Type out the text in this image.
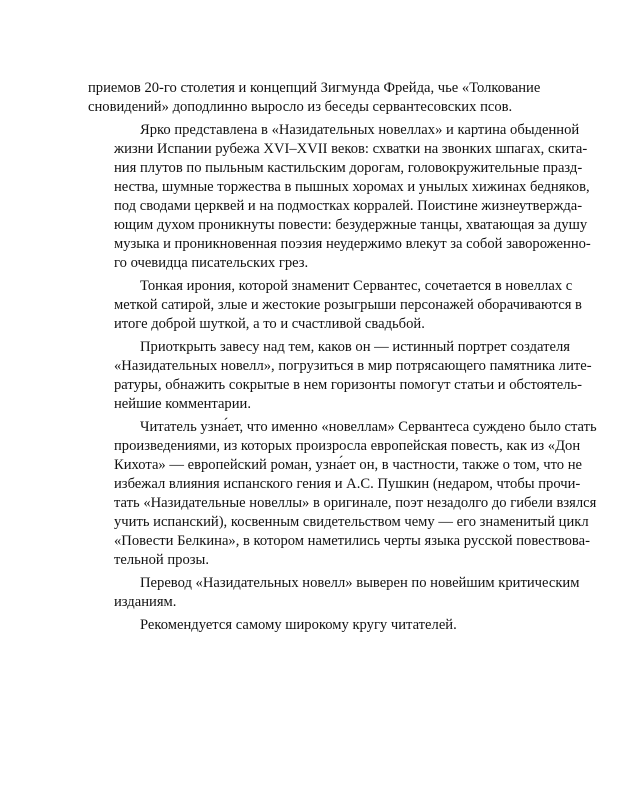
приемов 20-го столетия и концепций Зигмунда Фрейда, чье «Толкование
сновидений» доподлинно выросло из беседы сервантесовских псов.
Ярко представлена в «Назидательных новеллах» и картина обыденной
жизни Испании рубежа XVI–XVII веков: схватки на звонких шпагах, скита-
ния плутов по пыльным кастильским дорогам, головокружительные празд-
нества, шумные торжества в пышных хоромах и унылых хижинах бедняков,
под сводами церквей и на подмостках корралей. Поистине жизнеутвержда-
ющим духом проникнуты повести: безудержные танцы, хватающая за душу
музыка и проникновенная поэзия неудержимо влекут за собой завороженно-
го очевидца писательских грез.
Тонкая ирония, которой знаменит Сервантес, сочетается в новеллах с
меткой сатирой, злые и жестокие розыгрыши персонажей оборачиваются в
итоге доброй шуткой, а то и счастливой свадьбой.
Приоткрыть завесу над тем, каков он — истинный портрет создателя
«Назидательных новелл», погрузиться в мир потрясающего памятника лите-
ратуры, обнажить сокрытые в нем горизонты помогут статьи и обстоятель-
нейшие комментарии.
Читатель узна́ет, что именно «новеллам» Сервантеса суждено было стать
произведениями, из которых произросла европейская повесть, как из «Дон
Кихота» — европейский роман, узна́ет он, в частности, также о том, что не
избежал влияния испанского гения и А.С. Пушкин (недаром, чтобы прочи-
тать «Назидательные новеллы» в оригинале, поэт незадолго до гибели взялся
учить испанский), косвенным свидетельством чему — его знаменитый цикл
«Повести Белкина», в котором наметились черты языка русской повествова-
тельной прозы.
Перевод «Назидательных новелл» выверен по новейшим критическим
изданиям.
Рекомендуется самому широкому кругу читателей.
